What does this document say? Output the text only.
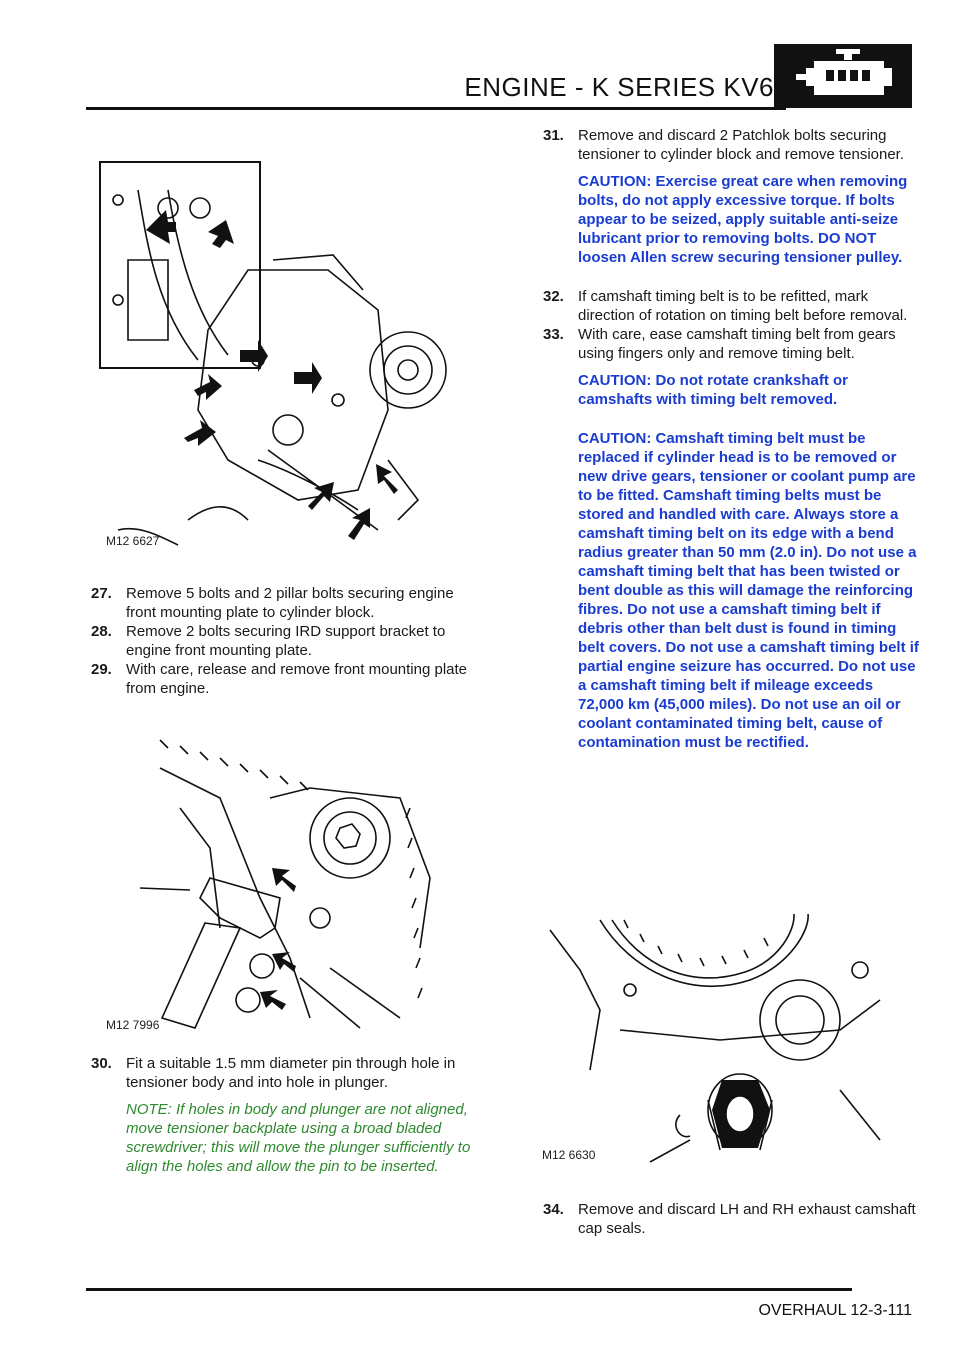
ENGINE - K SERIES KV6
M12 6627
M12 7996
M12 6630

27. Remove 5 bolts and 2 pillar bolts securing engine front mounting plate to cylinder block.

28. Remove 2 bolts securing IRD support bracket to engine front mounting plate.

29. With care, release and remove front mounting plate from engine.

30. Fit a suitable 1.5 mm diameter pin through hole in tensioner body and into hole in plunger.

NOTE: If holes in body and plunger are not aligned, move tensioner backplate using a broad bladed screwdriver; this will move the plunger sufficiently to align the holes and allow the pin to be inserted.

31. Remove and discard 2 Patchlok bolts securing tensioner to cylinder block and remove tensioner.

CAUTION: Exercise great care when removing bolts, do not apply excessive torque. If bolts appear to be seized, apply suitable anti-seize lubricant prior to removing bolts. DO NOT loosen Allen screw securing tensioner pulley.

32. If camshaft timing belt is to be refitted, mark direction of rotation on timing belt before removal.

33. With care, ease camshaft timing belt from gears using fingers only and remove timing belt.

CAUTION: Do not rotate crankshaft or camshafts with timing belt removed.

CAUTION: Camshaft timing belt must be replaced if cylinder head is to be removed or new drive gears, tensioner or coolant pump are to be fitted. Camshaft timing belts must be stored and handled with care. Always store a camshaft timing belt on its edge with a bend radius greater than 50 mm (2.0 in). Do not use a camshaft timing belt that has been twisted or bent double as this will damage the reinforcing fibres. Do not use a camshaft timing belt if debris other than belt dust is found in timing belt covers. Do not use a camshaft timing belt if partial engine seizure has occurred. Do not use a camshaft timing belt if mileage exceeds 72,000 km (45,000 miles). Do not use an oil or coolant contaminated timing belt, cause of contamination must be rectified.

34. Remove and discard LH and RH exhaust camshaft cap seals.

OVERHAUL 12-3-111
